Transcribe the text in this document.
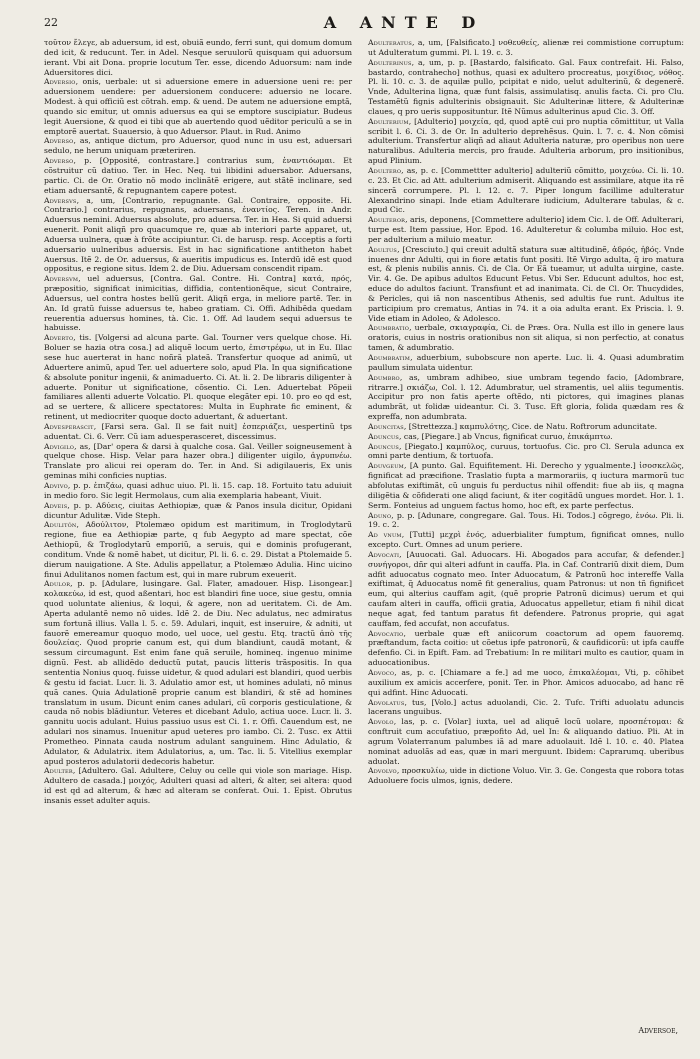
22	A ANTE D

τοῦτον ἔλεγε, ab aduersum, id est, obuiã eundo, ferri sunt, qui domum domum ded icit, & reducunt. Ter. in Adel. Nesque seruulorũ quisquam qui aduorsum ierant. Vbi ait Dona. proprie locutum Ter. esse, dicendo Aduorsum: nam inde Aduersitores dici.

Adversio, onis, uerbale: ut si aduersione emere in aduersione ueni re: per aduersionem uendere: per aduersionem conducere: aduersio ne locare. Modest. à qui officiũ est cõtrah. emp. & uend. De autem ne aduersione emptã, quando sic emitur, ut omnis aduersus ea qui se emptore suscipiatur. Budeus legit Auersione, & quod ei tibi que ab auertendo quod uẽditor periculũ a se in emptorẽ auertat. Suauersio, à quo Aduersor. Plaut. in Rud. Animo

Adverso, as, antique dictum, pro Aduersor, quod nunc in usu est, aduersari sedulo, ne herum uniquam præteriren.

Adverso, p. [Opposité, contrastare.] contrarius sum, ἐναντιόωμαι. Et cõstruitur cũ datiuo. Ter. in Hec. Neq. tui libidini aduersabor. Aduersans, partic. Ci. de Or. Oratio nõ modo inclinãtẽ erigere, aut stãtẽ inclinare, sed etiam aduersantẽ, & repugnantem capere potest.

Adversvs, a, um, [Contrario, repugnante. Gal. Contraire, opposite. Hi. Contrario.] contrarius, repugnans, aduersans, ἐναντίος. Teren. in Andr. Aduersus nemini. Aduersus absolute, pro aduersa. Ter. in Hea. Si quid aduersi euenerit. Ponit aliqñ pro quacumque re, quæ ab interiori parte apparet, ut, Aduersa uulnera, quæ à frõte accipiuntur. Ci. de harusp. resp. Acceptis a forti aduersario uulneribus aduersis. Est in hac significatione antitheton habet Auersus. Itẽ 2. de Or. aduersus, & aueritis impudicus es. Interdũ idẽ est quod oppositus, e regione situs. Idem 2. de Diu. Aduersam conscendit ripam.

Adversvm, uel aduersus, [Contra. Gal. Contre. Hi. Contra] κατά, πρός, præpositio, significat inimicitias, diffidia, contentionẽque, sicut Contraire, Aduersus, uel contra hostes bellũ gerit. Aliqñ erga, in meliore partẽ. Ter. in An. Id gratũ fuisse aduersus te, habeo gratiam. Ci. Offi. Adhibẽda quedam reuerentia aduersus homines, tà. Cic. 1. Off. Ad laudem sequi aduersus te habuisse.

Adverto, tis. [Volgersi ad alcuna parte. Gal. Tourner vers quelque chose. Hi. Boluer se hazia otra cosa.] ad aliquẽ locum uerto, ἐπιστρέφω, ut in Eu. Illac sese huc auerterat in hanc noñrã plateã. Transfertur quoque ad animũ, ut Aduertere animũ, apud Ter. uel aduertere solo, apud Pla. In qua significatione & absolute ponitur ingenii, & animaduerto. Ci. At. li. 2. De libraris diligenter à aduerte. Ponitur ut significatione, cõsentio. Ci. Len. Aduertebat Põpeii familiares allenti aduerte Volcatio. Pl. quoque elegãter epi. 10. pro eo qd est, ad se uertere, & allicere spectatores: Multa in Euphrate fic eminent, & retinent, ut mediocriter quoque docto aduertant, & aduertant.

Advesperascit, [Farsi sera. Gal. Il se fait nuit] ἐσπεριάζει, uespertinũ tps aduentat. Ci. 6. Verr. Cũ iam aduesperasceret, discessimus.

Advigilo, as, [Dar' opera & darsi à qualche cosa. Gal. Veiller soigneusement à quelque chose. Hisp. Velar para hazer obra.] diligenter uigilo, ἀγρυπνέω. Translate pro alicui rei operam do. Ter. in And. Si adigilaueris, Ex unis geminas mihi conficies nuptias.

Advivo, p. p. ἐπιζάω, quasi adhuc uiuo. Pl. li. 15. cap. 18. Fortuito tatu aduiuit in medio foro. Sic legit Hermolaus, cum alia exemplaria habeant, Viuit.

Adveis, p. p. Αδύεις, ciuitas Aethiopiæ, quæ & Panos insula dicitur, Opidani dicuntur Adulitæ. Vide Steph.

Adulitõn, Αδούλιτον, Ptolemæo opidum est maritimum, in Troglodytarũ regione, fiue ea Aethiopiæ parte, q fub Aegypto ad mare spectat, cõe Aethiopũ, & Troglodytarũ emporiũ, a seruis, qui e dominis profugerant, conditum. Vnde & nomẽ habet, ut dicitur, Pl. li. 6. c. 29. Distat a Ptolemaide 5. dierum nauigatione. A Ste. Adulis appellatur, a Ptolemæo Adulia. Hinc uicino finui Adulitanos nomen factum est, qui in mare rubrum exeuerit.

Adulor, p. p. [Adulare, lusingare. Gal. Flater, amadouer. Hisp. Lisongear.] κολακεύω, id est, quod aßentari, hoc est blandiri fine uoce, siue gestu, omnia quod uoluntate alienius, & loqui, & agere, non ad ueritatem. Ci. de Am. Aperta adulantẽ nemo nõ uides. Idẽ 2. de Diu. Nec adulatus, nec admiratus sum fortunã illius. Valla l. 5. c. 59. Adulari, inquit, est inseruire, & adniti, ut fauorẽ emereamur quoquo modo, uel uoce, uel gestu. Etq. tractũ ἀπὸ τῆς δουλείας. Quod proprie canum est, qui dum blandiunt, caudã motant, & sessum circumagunt. Est enim fane quã seruile, homineq. ingenuo minime dignũ. Fest. ab allidẽdo deductũ putat, paucis litteris trãspositis. In qua sententia Nonius quoq. fuisse uidetur, & quod adulari est blandiri, quod uerbis & gestu id faciat. Lucr. li. 3. Adulatio amor est, ut homines adulati, nõ minus quã canes. Quia Adulationẽ proprie canum est blandiri, & stẽ ad homines translatum in usum. Dicunt enim canes adulari, cũ corporis gesticulatione, & cauda nõ nobis blădiuntur. Veteres et dicebant Adulo, actiua uoce. Lucr. li. 3. gannitu uocis adulant. Huius passiuo usus est Ci. 1. r. Offi. Cauendum est, ne adulari nos sinamus. Inuenitur apud ueteres pro iambo. Ci. 2. Tusc. ex Attii Prometheo. Pinnata cauda nostrum adulant sanguinem. Hinc Adulatio, & Adulator, & Adulatrix. item Adulatorius, a, um. Tac. li. 5. Vitellius exemplar apud posteros adulatorii dedecoris habetur.

Adulter, [Adultero. Gal. Adultere, Celuy ou celle qui viole son mariage. Hisp. Adultero de casada.] μοιχός, Adulteri quasi ad alteri, & alter, sei altera: quod id est qd ad alterum, & hæc ad alteram se conferat. Oui. 1. Epist. Obrutus insanis esset adulter aquis.

Adulteratus, a, um, [Falsificato.] νοθευθείς, alienæ rei commistione corruptum: ut Adulteratum gummi. Pl. l. 19. c. 3.

Adulterinus, a, um, p. p. [Bastardo, falsificato. Gal. Faux contrefait. Hi. Falso, bastardo, contrahecho] nothus, quasi ex adultero procreatus, μοιχίδιος, νόθος. Pl. li. 10. c. 3. de aquilæ pullo, pcipitat e nido, uelut adulterinũ, & degenerẽ. Vnde, Adulterina ligna, quæ funt falsis, assimulatisq. anulis facta. Ci. pro Clu. Testamẽtũ fignis adulterinis obsignauit. Sic Adulterinæ littere, & Adulterinæ claues, q pro ueris supposituntur. Itẽ Nũmus adulterinus apud Cic. 3. Off.

Adulterium, [Adulterio] μοιχεία, qd, quod aptẽ cui pro nuptia cõmittitur, ut Valla scribit l. 6. Ci. 3. de Or. In adulterio deprehẽsus. Quin. l. 7. c. 4. Non cõmisi adulterium. Transfertur aliqñ ad aliaut Adulteria naturæ, pro operibus non uere naturalibus. Adulteria mercis, pro fraude. Adulteria arborum, pro insitionibus, apud Plinium.

Adultero, as, p. c. [Commettter adulterio] adulteriũ cõmitto, μοιχεύω. Ci. li. 10. c. 23. Et Cic. ad Att. adulterium admiserit. Aliquando est assimilare, atque ita rẽ sincerã corrumpere. Pl. l. 12. c. 7. Piper longum facillime adulteratur Alexandrino sinapi. Inde etiam Adulterare iudicium, Adulterare tabulas, & c. apud Cic.

Adulteror, aris, deponens, [Commettere adulterio] idem Cic. l. de Off. Adulterari, turpe est. Item passiue, Hor. Epod. 16. Adulteretur & columba miluio. Hoc est, per adulterium a miluio meatur.

Adultus, [Cresciuto.] qui creuit adultã statura suæ altitudinẽ, ἀδρός, ἠβός. Vnde inuenes dnr Adulti, qui in fiore ætatis funt positi. Itẽ Virgo adulta, q̃ iro matura est, & plenis nubilis annis. Ci. de Cla. Or Eã tueamur, ut adulta uirgine, caste. Vir. 4. Ge. De apibus adultos Educunt Fetus. Vbi Ser. Educunt adultos, hoc est, educe do adultos faciunt. Transfiunt et ad inanimata. Ci. de Cl. Or. Thucydides, & Pericles, qui iã non nascentibus Athenis, sed adultis fue runt. Adultus ite participium pro crematus, Antias in 74. it a oia adulta erant. Ex Priscia. l. 9. Vide etiam in Adoleo, & Adolesco.

Adumbratio, uerbale, σκιαγραφία, Ci. de Præs. Ora. Nulla est illo in genere laus oratoris, cuius in nostris orationibus non sit aliqua, si non perfectio, at conatus tamen, & adumbratio.

Adumbratim, aduerbium, subobscure non aperte. Luc. li. 4. Quasi adumbratim paullum simulata uidentur.

Adumbro, as, umbram adhibeo, siue umbram tegendo facio, [Adombrare, ritrarre.] σκιάζω, Col. l. 12. Adumbratur, uel stramentis, uel aliis tegumentis. Accipitur pro non fatis aperte oftẽdo, nti pictores, qui imagines planas adumbrãt, ut folidæ uideantur. Ci. 3. Tusc. Eft gloria, folida quædam res & expreffa, non adumbrata.

Aduncitas, [Strettezza.] καμπυλότης, Cice. de Natu. Roftrorum aduncitate.

Aduncus, cas, [Piegare.] ab Vncus, fignificat curuo, ἐπικάμπτω.

Aduncus, [Piegato.] καμπύλος, curuus, tortuofus. Cic. pro Cl. Serula adunca ex omni parte dentium, & tortuofa.

Aduvgeum, [A punto. Gal. Equifitement. Hi. Derecho y ygualmente.] ἰσοσκελῶς, fignificat ad præcifione. Traslatio fupta a marmorariis, q iuctura marmorũ tuc abfolutas exiftimãt, cũ unguis fu perductus nihil offendit: fiue ab iis, q magna diligẽtia & cõfiderati one aliqd faciunt, & iter cogitãdũ ungues mordet. Hor. l. 1. Serm. Fonteius ad unguem factus homo, hoc eft, ex parte perfectus.

Aduno, p. p. [Adunare, congregare. Gal. Tous. Hi. Todos.] cõgrego, ἑνόω. Pli. li. 19. c. 2.

Ad vnum, [Tutti] μεχρὶ ἑνός, aduerbialiter fumptum, fignificat omnes, nullo excepto. Curt. Omnes ad unum periere.

Advocati, [Auuocati. Gal. Aduocars. Hi. Abogados para accufar, & defender.] συνήγοροι, dñr qui alteri adfunt in cauffa. Pla. in Caf. Contrariũ dixit diem, Dum adfit aduocatus cognato meo. Inter Aduocatum, & Patronũ hoc intereffe Valla exiftimat, q̃ Aduocatus nomẽ fit generalius, quam Patronus: ut non tñ fignificet eum, qui alterius cauffam agit, (quẽ proprie Patronũ dicimus) uerum et qui caufam alteri in cauffa, officii gratia, Aduocatus appelletur, etiam fi nihil dicat neque agat, fed tantum paratus fit defendere. Patronus proprie, qui agat cauffam, fed accufat, non accufatus.

Advocatio, uerbale quæ eft aniicorum coactorum ad opem fauoremq. præftandum, facta coitio: ut cõetus ipfe patronorũ, & caufidicorũ: ut ipfa cauffe defenfio. Ci. in Epift. Fam. ad Trebatium: In re militari multo es cautior, quam in aduocationibus.

Advoco, as, p. c. [Chiamare a fe.] ad me uoco, ἐπικαλέομαι, Vti, p. cõhibet auxilium ex amicis accerfere, ponit. Ter. in Phor. Amicos aduocabo, ad hanc rẽ qui adfint. Hinc Aduocati.

Advolatus, tus, [Volo.] actus aduolandi, Cic. 2. Tufc. Trifti aduolatu aduncis lacerans unguibus.

Advolo, las, p. c. [Volar] iuxta, uel ad aliquẽ locũ uolare, προσπέτομαι: & conftruit cum accufatiuo, præpofito Ad, uel In: & aliquando datiuo. Pli. At in agrum Volaterranum palumbes iã ad mare aduolauit. Idẽ l. 10. c. 40. Platea nominat aduolãs ad eas, quæ in mari merguunt. Ibidem: Caprarumq. uberibus aduolat.

Advolvo, προσκυλίω, uide in dictione Voluo. Vir. 3. Ge. Congesta que robora totas Aduoluere focis ulmos, ignis, dedere.

Adversoe,
